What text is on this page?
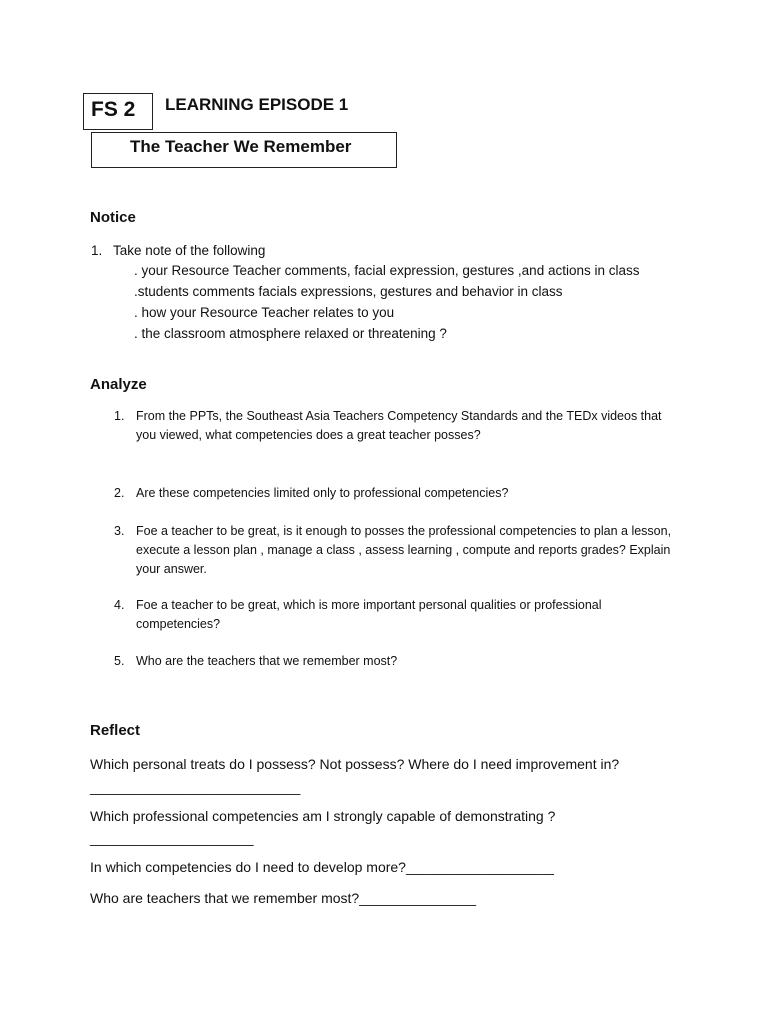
FS 2	LEARNING EPISODE 1
The Teacher We Remember
Notice
1. Take note of the following
. your Resource Teacher comments, facial expression, gestures ,and actions in class
.students comments facials expressions, gestures and behavior in class
. how your Resource Teacher relates to you
. the classroom atmosphere relaxed or threatening ?
Analyze
1. From the PPTs, the Southeast Asia Teachers Competency Standards and the TEDx videos that you viewed, what competencies does a great teacher posses?
2. Are these competencies limited only to professional competencies?
3. Foe a teacher to be great, is it enough to posses the professional competencies to plan a lesson, execute a lesson plan , manage a class , assess learning , compute and reports grades? Explain your answer.
4. Foe a teacher to be great, which is more important personal qualities or professional competencies?
5. Who are the teachers that we remember most?
Reflect
Which personal treats do I possess? Not possess? Where do I need improvement in?
___________________________
Which professional competencies am I strongly capable of demonstrating ?
_____________________
In which competencies do I need to develop more?___________________
Who are teachers that we remember most?_______________
